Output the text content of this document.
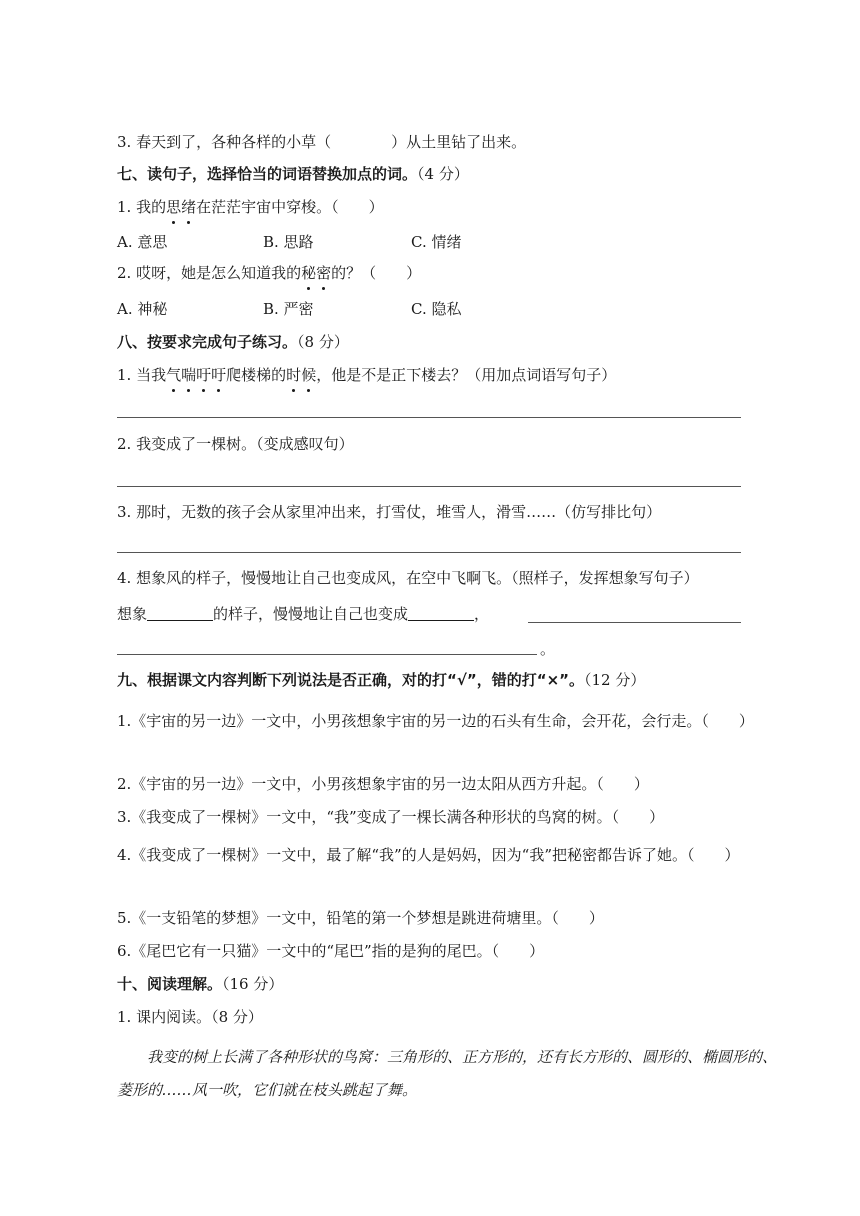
3. 春天到了，各种各样的小草（　　　　）从土里钻了出来。
七、读句子，选择恰当的词语替换加点的词。（4 分）
1. 我的思绪在茫茫宇宙中穿梭。（　　）
A. 意思	B. 思路	C. 情绪
2. 哎呀，她是怎么知道我的秘密的？（　　）
A. 神秘	B. 严密	C. 隐私
八、按要求完成句子练习。（8 分）
1. 当我气喘吁吁爬楼梯的时候，他是不是正下楼去？（用加点词语写句子）
2. 我变成了一棵树。（变成感叹句）
3. 那时，无数的孩子会从家里冲出来，打雪仗，堆雪人，滑雪……（仿写排比句）
4. 想象风的样子，慢慢地让自己也变成风，在空中飞啊飞。（照样子，发挥想象写句子）
想象	的样子，慢慢地让自己也变成	，
。
九、根据课文内容判断下列说法是否正确，对的打“√”，错的打“×”。（12 分）
1.《宇宙的另一边》一文中，小男孩想象宇宙的另一边的石头有生命，会开花，会行走。（　　）
2.《宇宙的另一边》一文中，小男孩想象宇宙的另一边太阳从西方升起。（　　）
3.《我变成了一棵树》一文中，“我”变成了一棵长满各种形状的鸟窝的树。（　　）
4.《我变成了一棵树》一文中，最了解“我”的人是妈妈，因为“我”把秘密都告诉了她。（　　）
5.《一支铅笔的梦想》一文中，铅笔的第一个梦想是跳进荷塘里。（　　）
6.《尾巴它有一只猫》一文中的“尾巴”指的是狗的尾巴。（　　）
十、阅读理解。（16 分）
1. 课内阅读。（8 分）
我变的树上长满了各种形状的鸟窝：三角形的、正方形的，还有长方形的、圆形的、椭圆形的、菱形的……风一吹，它们就在枝头跳起了舞。
